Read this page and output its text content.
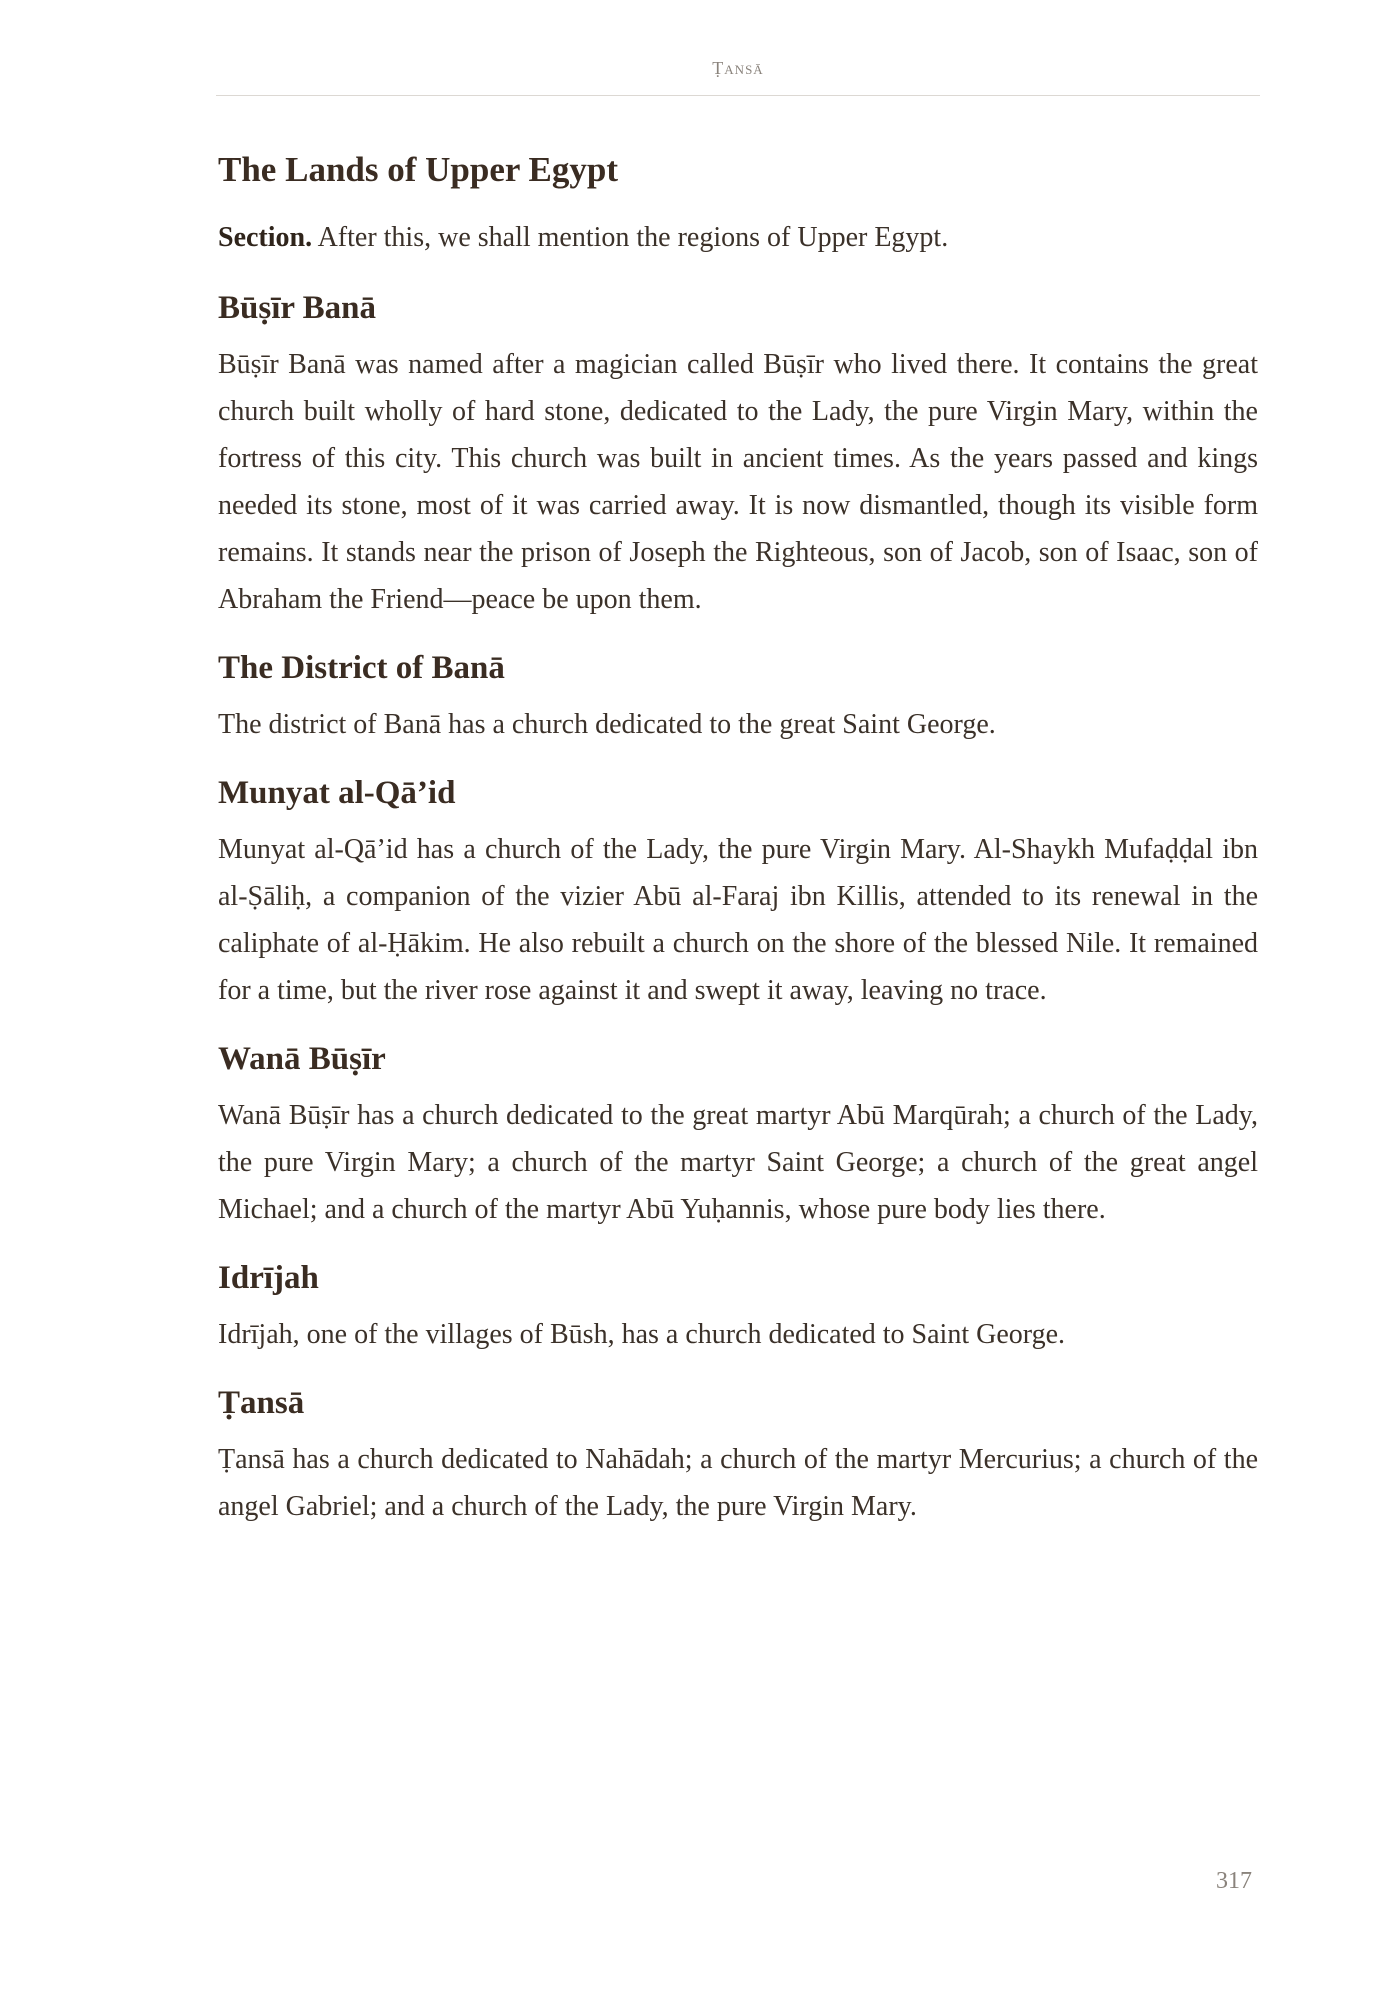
Ṭansā
The Lands of Upper Egypt

Section. After this, we shall mention the regions of Upper Egypt.

Būṣīr Banā

Būṣīr Banā was named after a magician called Būṣīr who lived there. It contains the great church built wholly of hard stone, dedicated to the Lady, the pure Virgin Mary, within the fortress of this city. This church was built in ancient times. As the years passed and kings needed its stone, most of it was carried away. It is now dismantled, though its visible form remains. It stands near the prison of Joseph the Righteous, son of Jacob, son of Isaac, son of Abraham the Friend—peace be upon them.

The District of Banā

The district of Banā has a church dedicated to the great Saint George.

Munyat al-Qā’id

Munyat al-Qā’id has a church of the Lady, the pure Virgin Mary. Al-Shaykh Mufaḍḍal ibn al-Ṣāliḥ, a companion of the vizier Abū al-Faraj ibn Killis, attended to its renewal in the caliphate of al-Ḥākim. He also rebuilt a church on the shore of the blessed Nile. It remained for a time, but the river rose against it and swept it away, leaving no trace.

Wanā Būṣīr

Wanā Būṣīr has a church dedicated to the great martyr Abū Marqūrah; a church of the Lady, the pure Virgin Mary; a church of the martyr Saint George; a church of the great angel Michael; and a church of the martyr Abū Yuḥannis, whose pure body lies there.

Idrījah

Idrījah, one of the villages of Būsh, has a church dedicated to Saint George.

Ṭansā

Ṭansā has a church dedicated to Nahādah; a church of the martyr Mercurius; a church of the angel Gabriel; and a church of the Lady, the pure Virgin Mary.

317
